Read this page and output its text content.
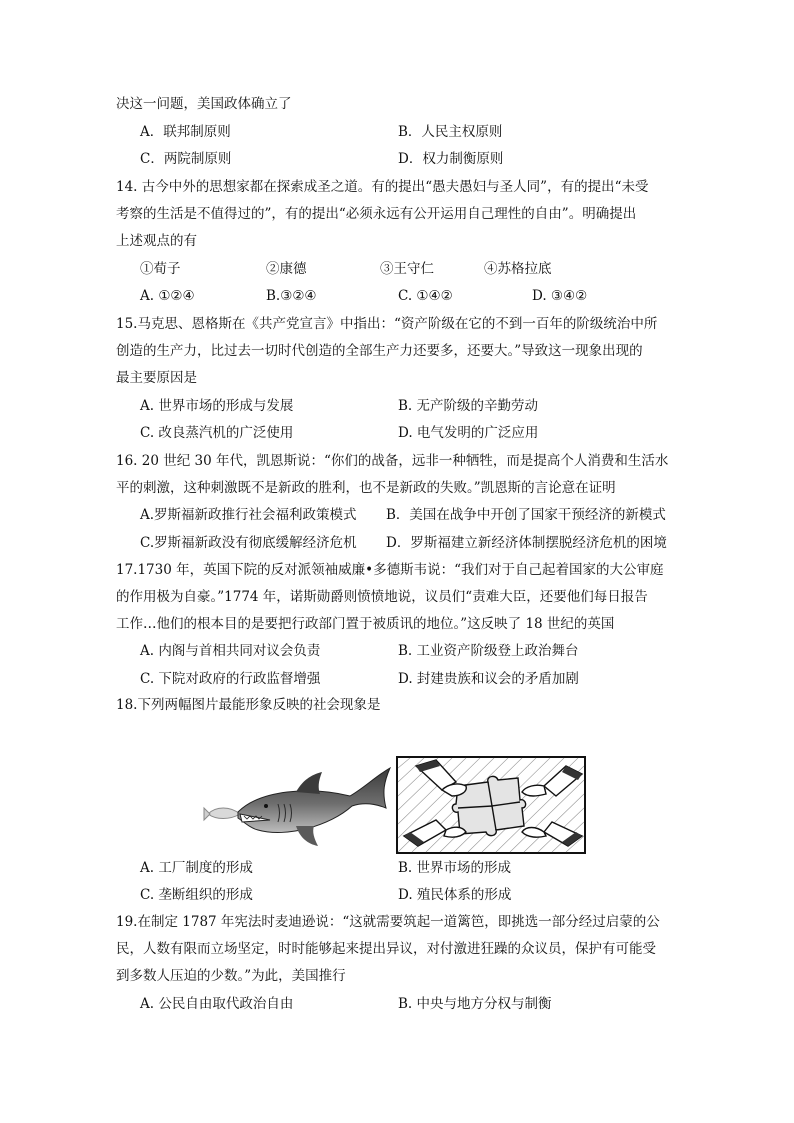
决这一问题，美国政体确立了
A．联邦制原则	B．人民主权原则
C．两院制原则	D．权力制衡原则
14. 古今中外的思想家都在探索成圣之道。有的提出“愚夫愚妇与圣人同”，有的提出“未受
考察的生活是不值得过的”，有的提出“必须永远有公开运用自己理性的自由”。明确提出
上述观点的有
①荀子	②康德	③王守仁	④苏格拉底
A. ①②④	B.③②④	C. ①④②	D. ③④②
15.马克思、恩格斯在《共产党宣言》中指出：“资产阶级在它的不到一百年的阶级统治中所
创造的生产力，比过去一切时代创造的全部生产力还要多，还要大。”导致这一现象出现的
最主要原因是
A. 世界市场的形成与发展	B. 无产阶级的辛勤劳动
C. 改良蒸汽机的广泛使用	D. 电气发明的广泛应用
16. 20 世纪 30 年代，凯恩斯说：“你们的战备，远非一种牺牲，而是提高个人消费和生活水
平的刺激，这种刺激既不是新政的胜利，也不是新政的失败。”凯恩斯的言论意在证明
A.罗斯福新政推行社会福利政策模式 B．美国在战争中开创了国家干预经济的新模式
C.罗斯福新政没有彻底缓解经济危机 D．罗斯福建立新经济体制摆脱经济危机的困境
17.1730 年，英国下院的反对派领袖威廉•多德斯韦说：“我们对于自己起着国家的大公审庭
的作用极为自豪。”1774 年，诺斯勋爵则愤愤地说，议员们“责难大臣，还要他们每日报告
工作…他们的根本目的是要把行政部门置于被质讯的地位。”这反映了 18 世纪的英国
A. 内阁与首相共同对议会负责	B. 工业资产阶级登上政治舞台
C. 下院对政府的行政监督增强	D. 封建贵族和议会的矛盾加剧
18.下列两幅图片最能形象反映的社会现象是
A. 工厂制度的形成	B. 世界市场的形成
C. 垄断组织的形成	D. 殖民体系的形成
19.在制定 1787 年宪法时麦迪逊说：“这就需要筑起一道篱笆，即挑选一部分经过启蒙的公
民，人数有限而立场坚定，时时能够起来提出异议，对付激进狂躁的众议员，保护有可能受
到多数人压迫的少数。”为此，美国推行
A. 公民自由取代政治自由	B. 中央与地方分权与制衡
